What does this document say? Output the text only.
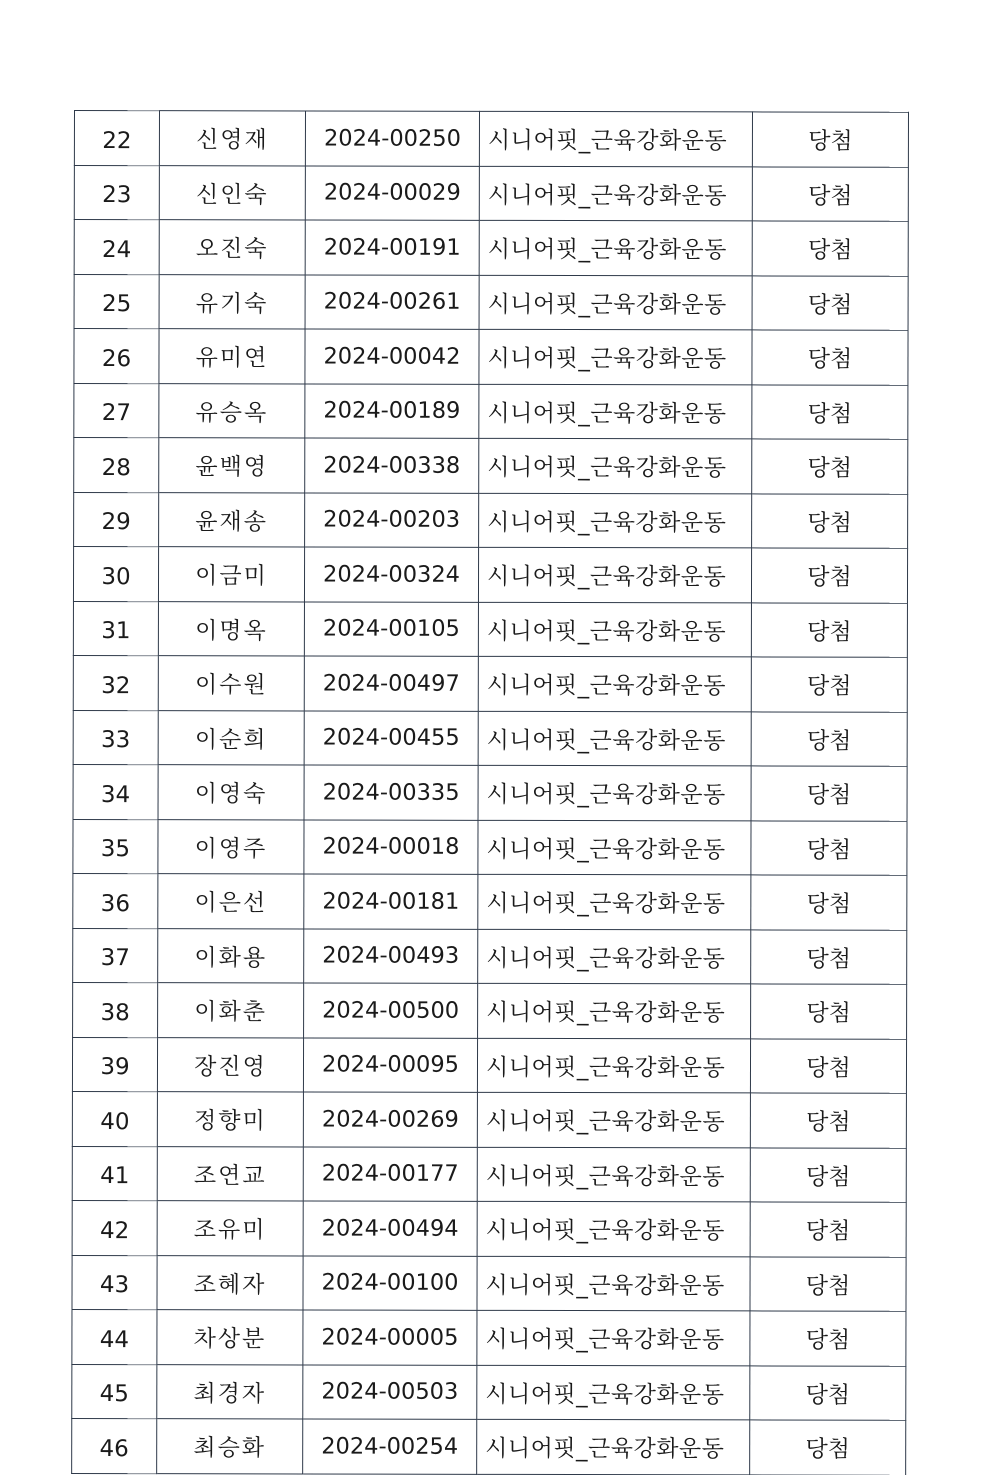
22	신영재	2024-00250	시니어핏_근육강화운동	당첨
23	신인숙	2024-00029	시니어핏_근육강화운동	당첨
24	오진숙	2024-00191	시니어핏_근육강화운동	당첨
25	유기숙	2024-00261	시니어핏_근육강화운동	당첨
26	유미연	2024-00042	시니어핏_근육강화운동	당첨
27	유승옥	2024-00189	시니어핏_근육강화운동	당첨
28	윤백영	2024-00338	시니어핏_근육강화운동	당첨
29	윤재송	2024-00203	시니어핏_근육강화운동	당첨
30	이금미	2024-00324	시니어핏_근육강화운동	당첨
31	이명옥	2024-00105	시니어핏_근육강화운동	당첨
32	이수원	2024-00497	시니어핏_근육강화운동	당첨
33	이순희	2024-00455	시니어핏_근육강화운동	당첨
34	이영숙	2024-00335	시니어핏_근육강화운동	당첨
35	이영주	2024-00018	시니어핏_근육강화운동	당첨
36	이은선	2024-00181	시니어핏_근육강화운동	당첨
37	이화용	2024-00493	시니어핏_근육강화운동	당첨
38	이화춘	2024-00500	시니어핏_근육강화운동	당첨
39	장진영	2024-00095	시니어핏_근육강화운동	당첨
40	정향미	2024-00269	시니어핏_근육강화운동	당첨
41	조연교	2024-00177	시니어핏_근육강화운동	당첨
42	조유미	2024-00494	시니어핏_근육강화운동	당첨
43	조혜자	2024-00100	시니어핏_근육강화운동	당첨
44	차상분	2024-00005	시니어핏_근육강화운동	당첨
45	최경자	2024-00503	시니어핏_근육강화운동	당첨
46	최승화	2024-00254	시니어핏_근육강화운동	당첨
